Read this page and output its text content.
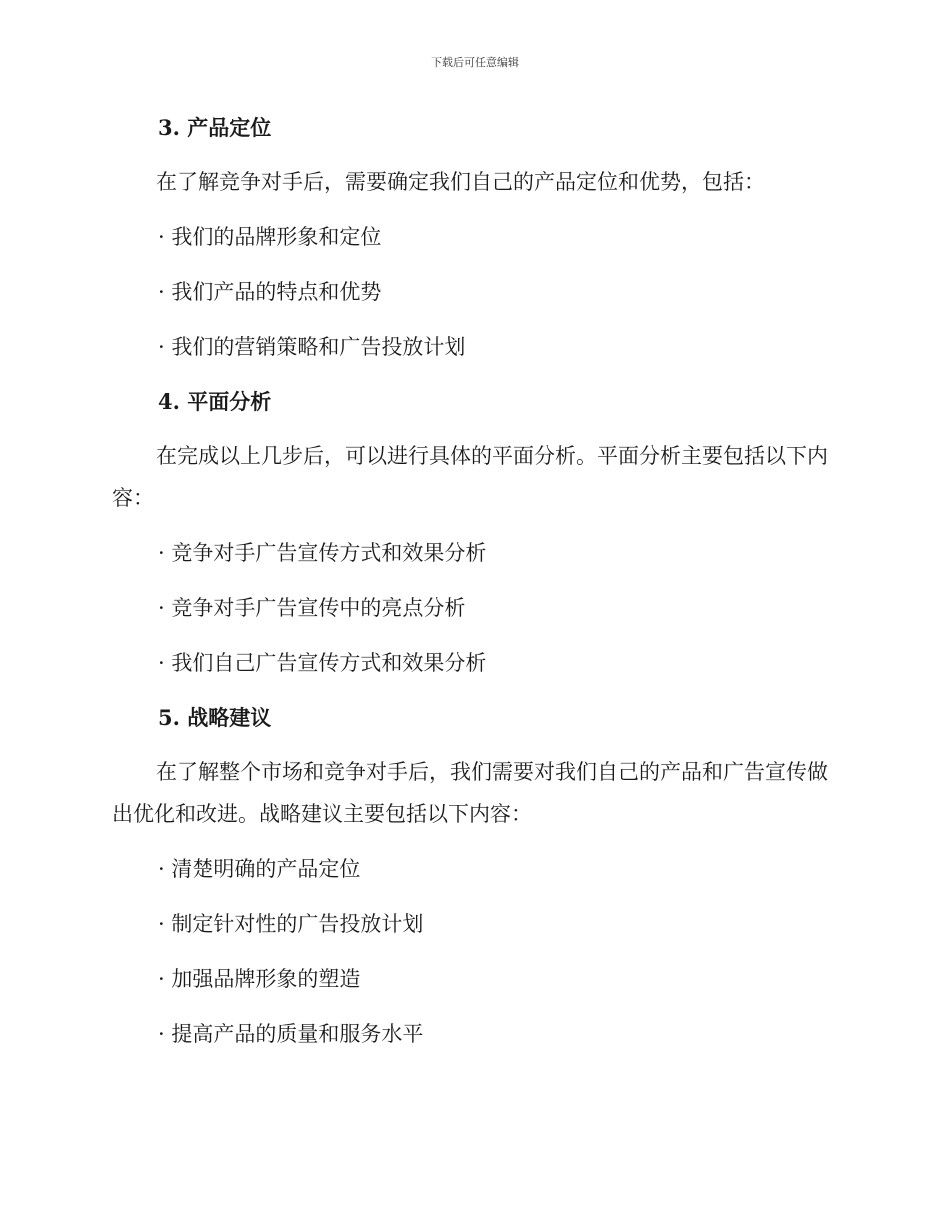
下载后可任意编辑
3. 产品定位
在了解竞争对手后，需要确定我们自己的产品定位和优势，包括：
· 我们的品牌形象和定位
· 我们产品的特点和优势
· 我们的营销策略和广告投放计划
4. 平面分析
在完成以上几步后，可以进行具体的平面分析。平面分析主要包括以下内容：
· 竞争对手广告宣传方式和效果分析
· 竞争对手广告宣传中的亮点分析
· 我们自己广告宣传方式和效果分析
5. 战略建议
在了解整个市场和竞争对手后，我们需要对我们自己的产品和广告宣传做出优化和改进。战略建议主要包括以下内容：
· 清楚明确的产品定位
· 制定针对性的广告投放计划
· 加强品牌形象的塑造
· 提高产品的质量和服务水平
